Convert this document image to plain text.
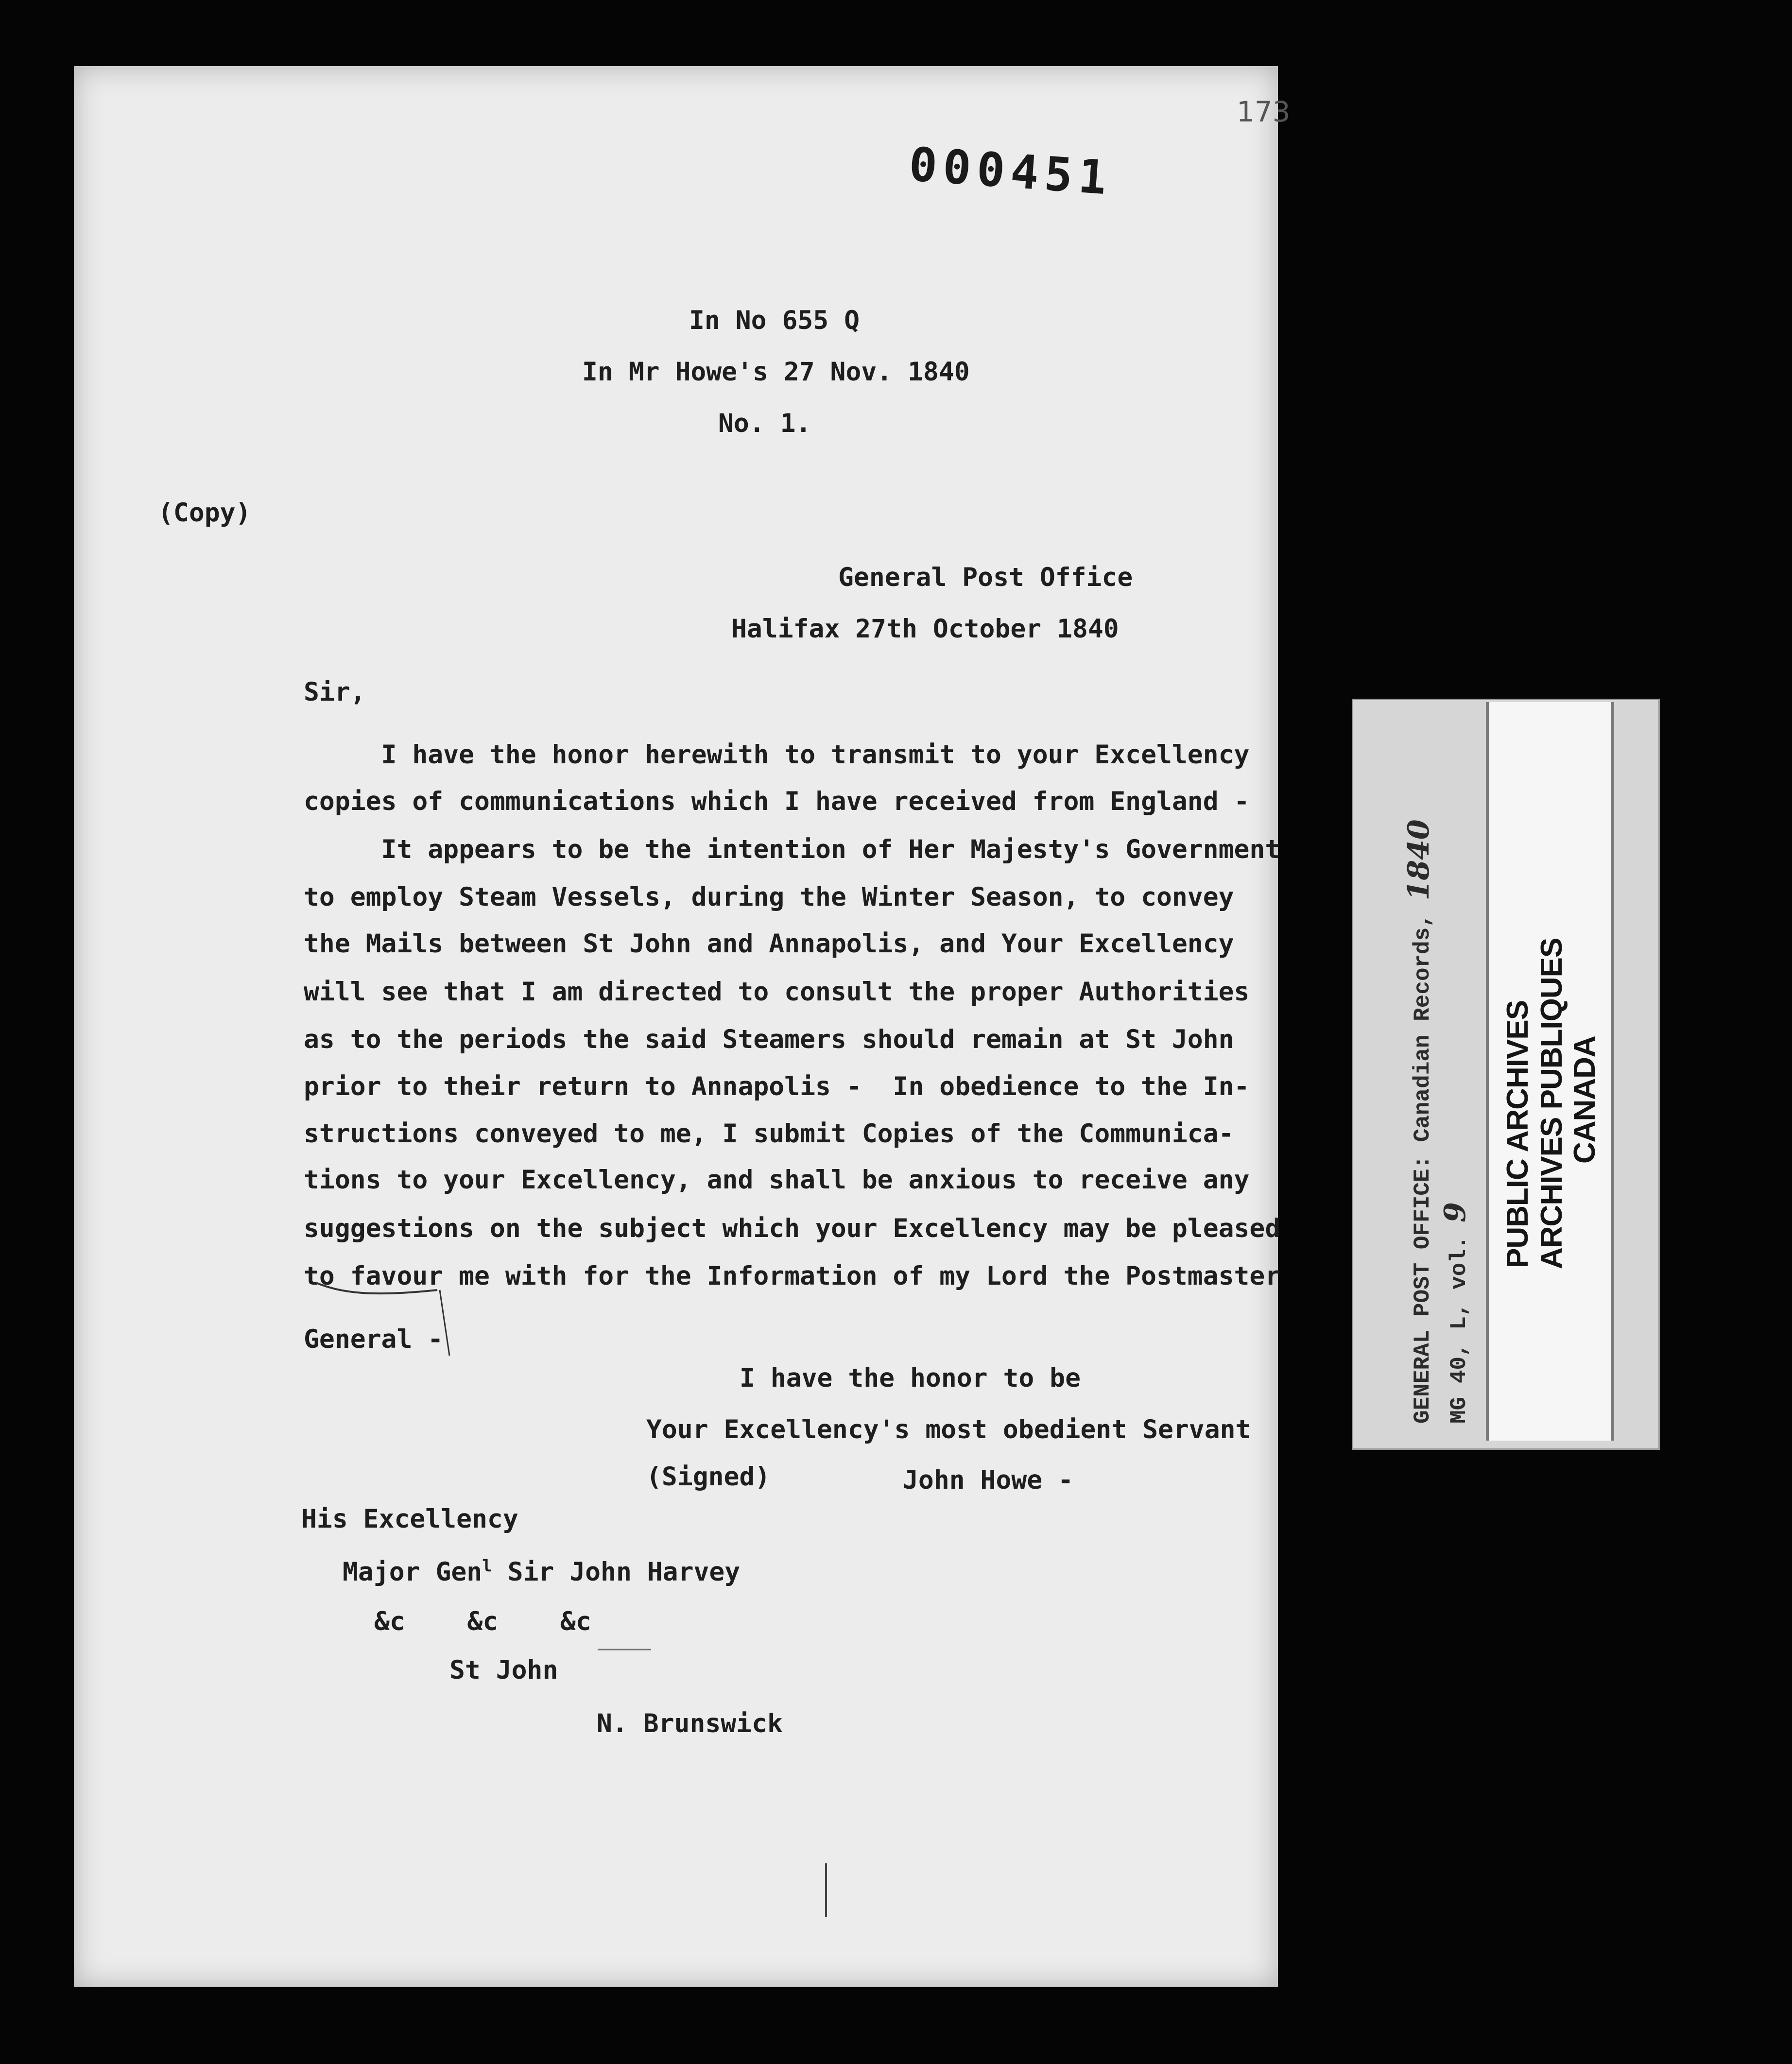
173
000451
In No 655 Q
In Mr Howe's 27 Nov. 1840
No. 1.
(Copy)
General Post Office
Halifax 27th October 1840
Sir,
I have the honor herewith to transmit to your Excellency
copies of communications which I have received from England -
It appears to be the intention of Her Majesty's Government
to employ Steam Vessels, during the Winter Season, to convey
the Mails between St John and Annapolis, and Your Excellency
will see that I am directed to consult the proper Authorities
as to the periods the said Steamers should remain at St John
prior to their return to Annapolis -  In obedience to the In-
structions conveyed to me, I submit Copies of the Communica-
tions to your Excellency, and shall be anxious to receive any
suggestions on the subject which your Excellency may be pleased
to favour me with for the Information of my Lord the Postmaster
General -
I have the honor to be
Your Excellency's most obedient Servant
(Signed)	John Howe -
His Excellency
Major Gen$^l$ Sir John Harvey
&c    &c    &c
St John
N. Brunswick
GENERAL POST OFFICE: Canadian Records, 1840
MG 40, L, vol. 9 PUBLIC ARCHIVES ARCHIVES PUBLIQUES CANADA
